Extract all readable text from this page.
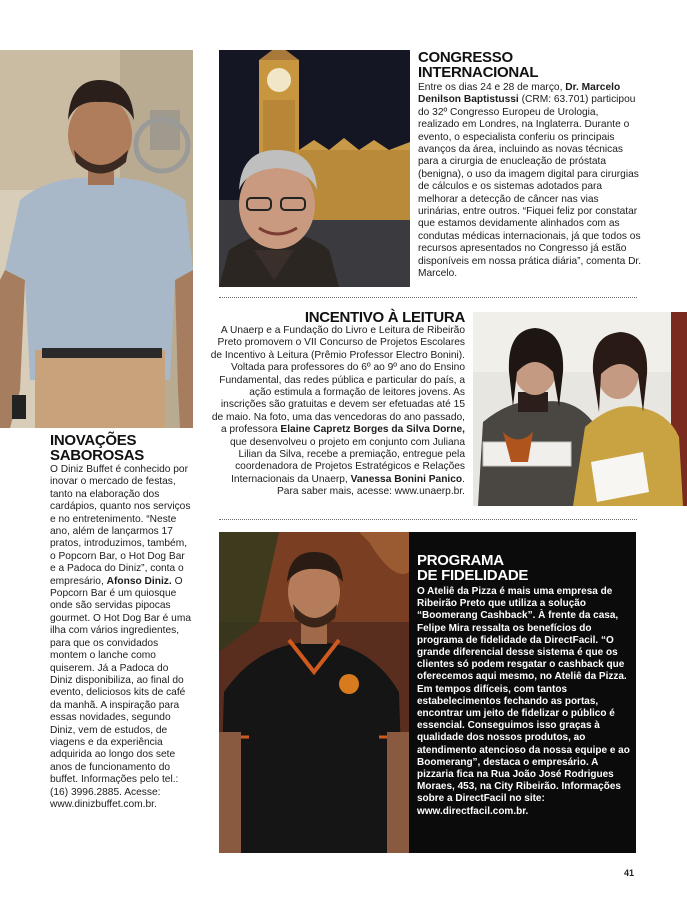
INOVAÇÕES
SABOROSAS
O Diniz Buffet é conhecido por inovar o mercado de festas, tanto na elaboração dos cardápios, quanto nos serviços e no entretenimento. “Neste ano, além de lançarmos 17 pratos, introduzimos, também, o Popcorn Bar, o Hot Dog Bar e a Padoca do Diniz”, conta o empresário, Afonso Diniz. O Popcorn Bar é um quiosque onde são servidas pipocas gourmet. O Hot Dog Bar é uma ilha com vários ingredientes, para que os convidados montem o lanche como quiserem. Já a Padoca do Diniz disponibiliza, ao final do evento, deliciosos kits de café da manhã. A inspiração para essas novidades, segundo Diniz, vem de estudos, de viagens e da experiência adquirida ao longo dos sete anos de funcionamento do buffet. Informações pelo tel.: (16) 3996.2885. Acesse: www.dinizbuffet.com.br.
CONGRESSO
INTERNACIONAL
Entre os dias 24 e 28 de março, Dr. Marcelo Denilson Baptistussi (CRM: 63.701) participou do 32º Congresso Europeu de Urologia, realizado em Londres, na Inglaterra. Durante o evento, o especialista conferiu os principais avanços da área, incluindo as novas técnicas para a cirurgia de enucleação de próstata (benigna), o uso da imagem digital para cirurgias de cálculos e os sistemas adotados para melhorar a detecção de câncer nas vias urinárias, entre outros. “Fiquei feliz por constatar que estamos devidamente alinhados com as condutas médicas internacionais, já que todos os recursos apresentados no Congresso já estão disponíveis em nossa prática diária”, comenta Dr. Marcelo.
INCENTIVO À LEITURA
A Unaerp e a Fundação do Livro e Leitura de Ribeirão Preto promovem o VII Concurso de Projetos Escolares de Incentivo à Leitura (Prêmio Professor Electro Bonini). Voltada para professores do 6º ao 9º ano do Ensino Fundamental, das redes pública e particular do país, a ação estimula a formação de leitores jovens. As inscrições são gratuitas e devem ser efetuadas até 15 de maio. Na foto, uma das vencedoras do ano passado, a professora Elaine Capretz Borges da Silva Dorne, que desenvolveu o projeto em conjunto com Juliana Lilian da Silva, recebe a premiação, entregue pela coordenadora de Projetos Estratégicos e Relações Internacionais da Unaerp, Vanessa Bonini Panico. Para saber mais, acesse: www.unaerp.br.
PROGRAMA
DE FIDELIDADE
O Ateliê da Pizza é mais uma empresa de Ribeirão Preto que utiliza a solução “Boomerang Cashback”. À frente da casa, Felipe Mira ressalta os benefícios do programa de fidelidade da DirectFacil. “O grande diferencial desse sistema é que os clientes só podem resgatar o cashback que oferecemos aqui mesmo, no Ateliê da Pizza. Em tempos difíceis, com tantos estabelecimentos fechando as portas, encontrar um jeito de fidelizar o público é essencial. Conseguimos isso graças à qualidade dos nossos produtos, ao atendimento atencioso da nossa equipe e ao Boomerang”, destaca o empresário. A pizzaria fica na Rua João José Rodrigues Moraes, 453, na City Ribeirão. Informações sobre a DirectFacil no site: www.directfacil.com.br.
41
